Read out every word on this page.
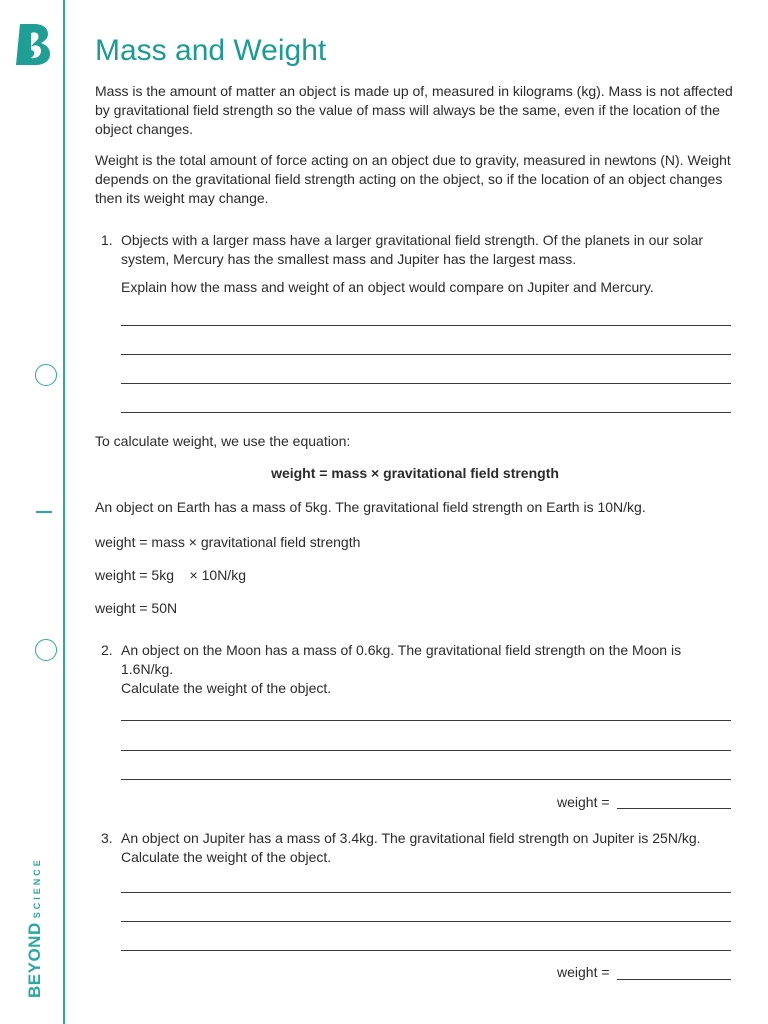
BEYONDSCIENCE
Mass and Weight

Mass is the amount of matter an object is made up of, measured in kilograms (kg). Mass is not affected by gravitational field strength so the value of mass will always be the same, even if the location of the object changes.

Weight is the total amount of force acting on an object due to gravity, measured in newtons (N). Weight depends on the gravitational field strength acting on the object, so if the location of an object changes then its weight may change.

1. Objects with a larger mass have a larger gravitational field strength. Of the planets in our solar system, Mercury has the smallest mass and Jupiter has the largest mass.

Explain how the mass and weight of an object would compare on Jupiter and Mercury.

To calculate weight, we use the equation:

weight = mass × gravitational field strength

An object on Earth has a mass of 5kg. The gravitational field strength on Earth is 10N/kg.

weight = mass × gravitational field strength

weight = 5kg    × 10N/kg

weight = 50N

2. An object on the Moon has a mass of 0.6kg. The gravitational field strength on the Moon is 1.6N/kg.

Calculate the weight of the object.

weight =
3. An object on Jupiter has a mass of 3.4kg. The gravitational field strength on Jupiter is 25N/kg.

Calculate the weight of the object.

weight =
